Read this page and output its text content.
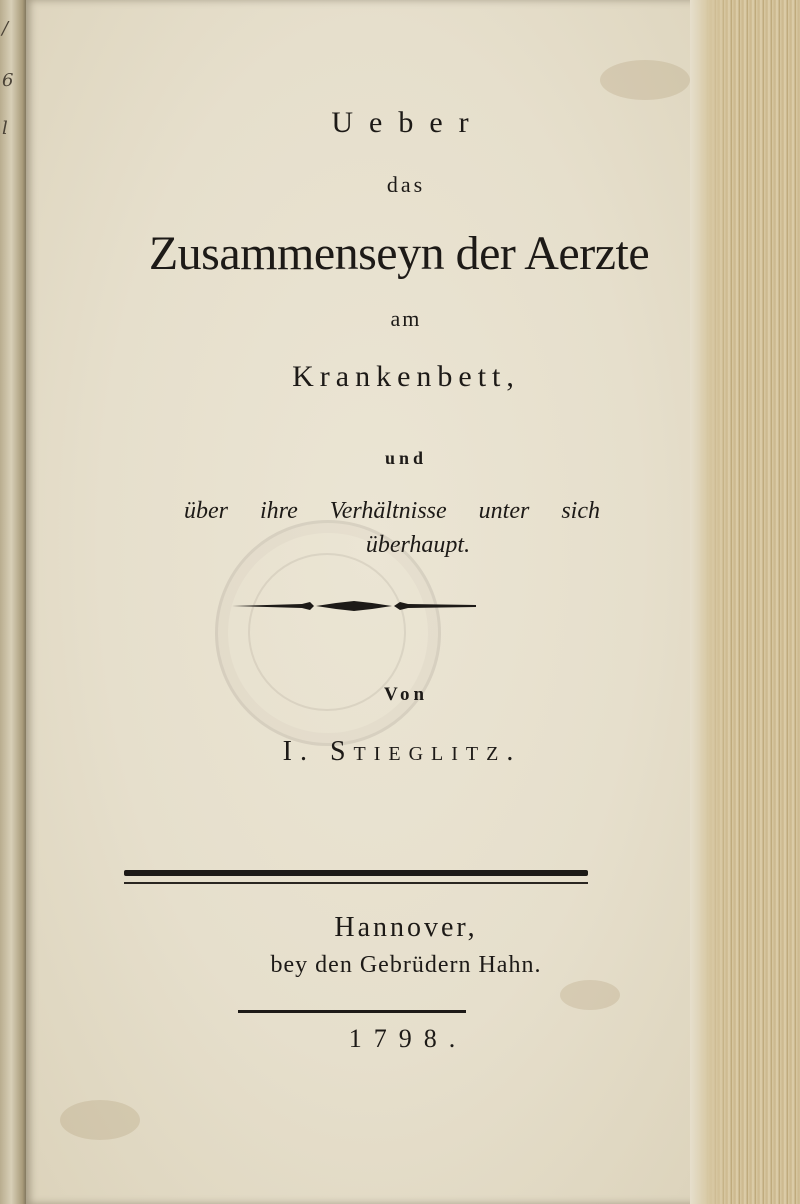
/
6
l	Ueber
das
Zusammenseyn der Aerzte
am
Krankenbett,
und
über ihre Verhältnisse unter sich
überhaupt.
Von
I. Stieglitz.
Hannover,
bey den Gebrüdern Hahn.
1798.
